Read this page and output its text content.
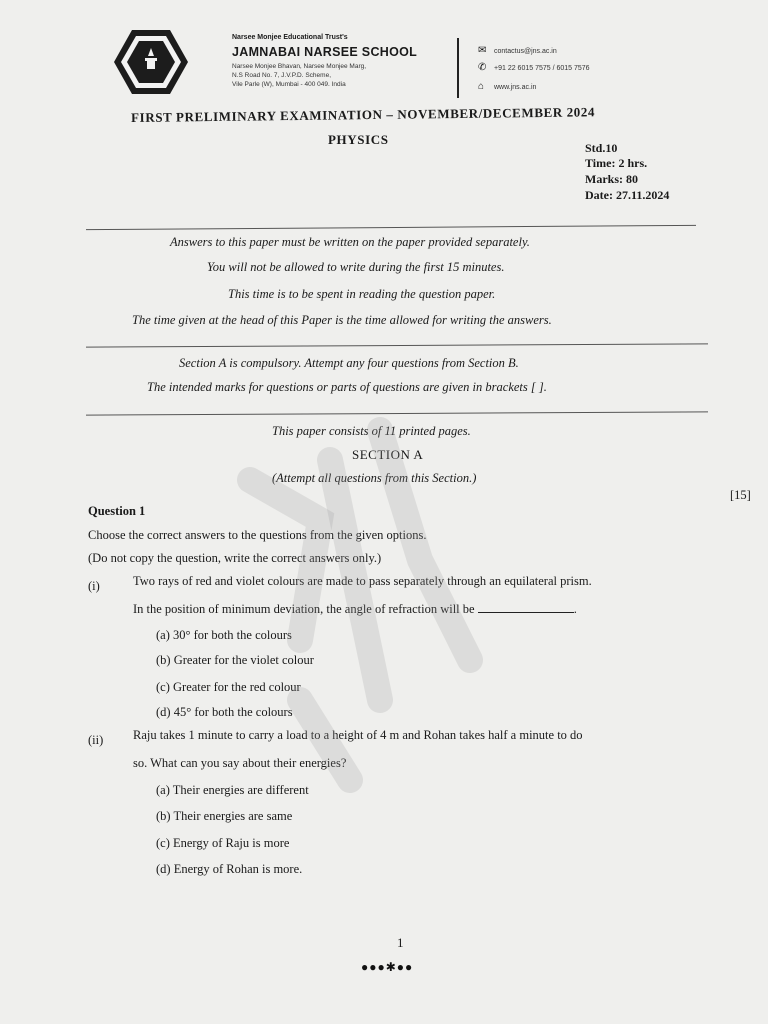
Narsee Monjee Educational Trust's
JAMNABAI NARSEE SCHOOL
Narsee Monjee Bhavan, Narsee Monjee Marg,
N.S Road No. 7, J.V.P.D. Scheme,
Vile Parle (W), Mumbai - 400 049. India
✉ contactus@jns.ac.in
✆ +91 22 6015 7575 / 6015 7576
⌂ www.jns.ac.in
FIRST PRELIMINARY EXAMINATION – NOVEMBER/DECEMBER 2024
PHYSICS
Std.10
Time: 2 hrs.
Marks: 80
Date: 27.11.2024
Answers to this paper must be written on the paper provided separately.
You will not be allowed to write during the first 15 minutes.
This time is to be spent in reading the question paper.
The time given at the head of this Paper is the time allowed for writing the answers.
Section A is compulsory. Attempt any four questions from Section B.
The intended marks for questions or parts of questions are given in brackets [ ].
This paper consists of 11 printed pages.
SECTION A
(Attempt all questions from this Section.)
[15]
Question 1
Choose the correct answers to the questions from the given options.
(Do not copy the question, write the correct answers only.)
(i)	Two rays of red and violet colours are made to pass separately through an equilateral prism.
In the position of minimum deviation, the angle of refraction will be	.
(a) 30° for both the colours
(b) Greater for the violet colour
(c) Greater for the red colour
(d) 45° for both the colours
(ii) Raju takes 1 minute to carry a load to a height of 4 m and Rohan takes half a minute to do
so. What can you say about their energies?
(a) Their energies are different
(b) Their energies are same
(c) Energy of Raju is more
(d) Energy of Rohan is more.
1
●●●✱●●
